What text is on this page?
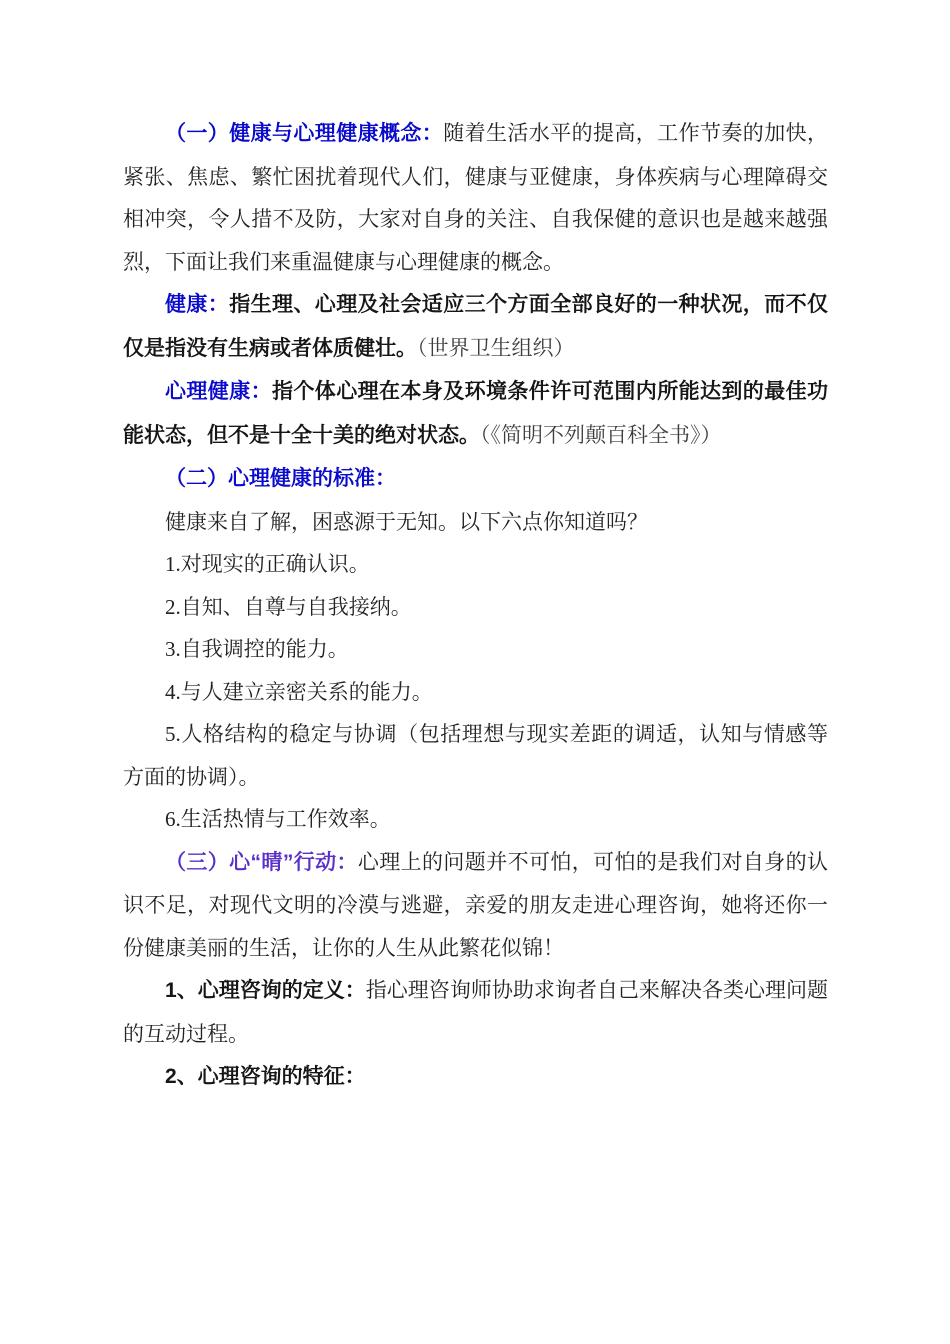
（一）健康与心理健康概念：随着生活水平的提高，工作节奏的加快，紧张、焦虑、繁忙困扰着现代人们，健康与亚健康，身体疾病与心理障碍交相冲突，令人措不及防，大家对自身的关注、自我保健的意识也是越来越强烈，下面让我们来重温健康与心理健康的概念。

健康：指生理、心理及社会适应三个方面全部良好的一种状况，而不仅仅是指没有生病或者体质健壮。（世界卫生组织）

心理健康：指个体心理在本身及环境条件许可范围内所能达到的最佳功能状态，但不是十全十美的绝对状态。（《简明不列颠百科全书》）

（二）心理健康的标准：

健康来自了解，困惑源于无知。以下六点你知道吗？

1.对现实的正确认识。

2.自知、自尊与自我接纳。

3.自我调控的能力。

4.与人建立亲密关系的能力。

5.人格结构的稳定与协调（包括理想与现实差距的调适，认知与情感等方面的协调）。

6.生活热情与工作效率。

（三）心“晴”行动：心理上的问题并不可怕，可怕的是我们对自身的认识不足，对现代文明的冷漠与逃避，亲爱的朋友走进心理咨询，她将还你一份健康美丽的生活，让你的人生从此繁花似锦！

1、心理咨询的定义：指心理咨询师协助求询者自己来解决各类心理问题的互动过程。

2、心理咨询的特征：
